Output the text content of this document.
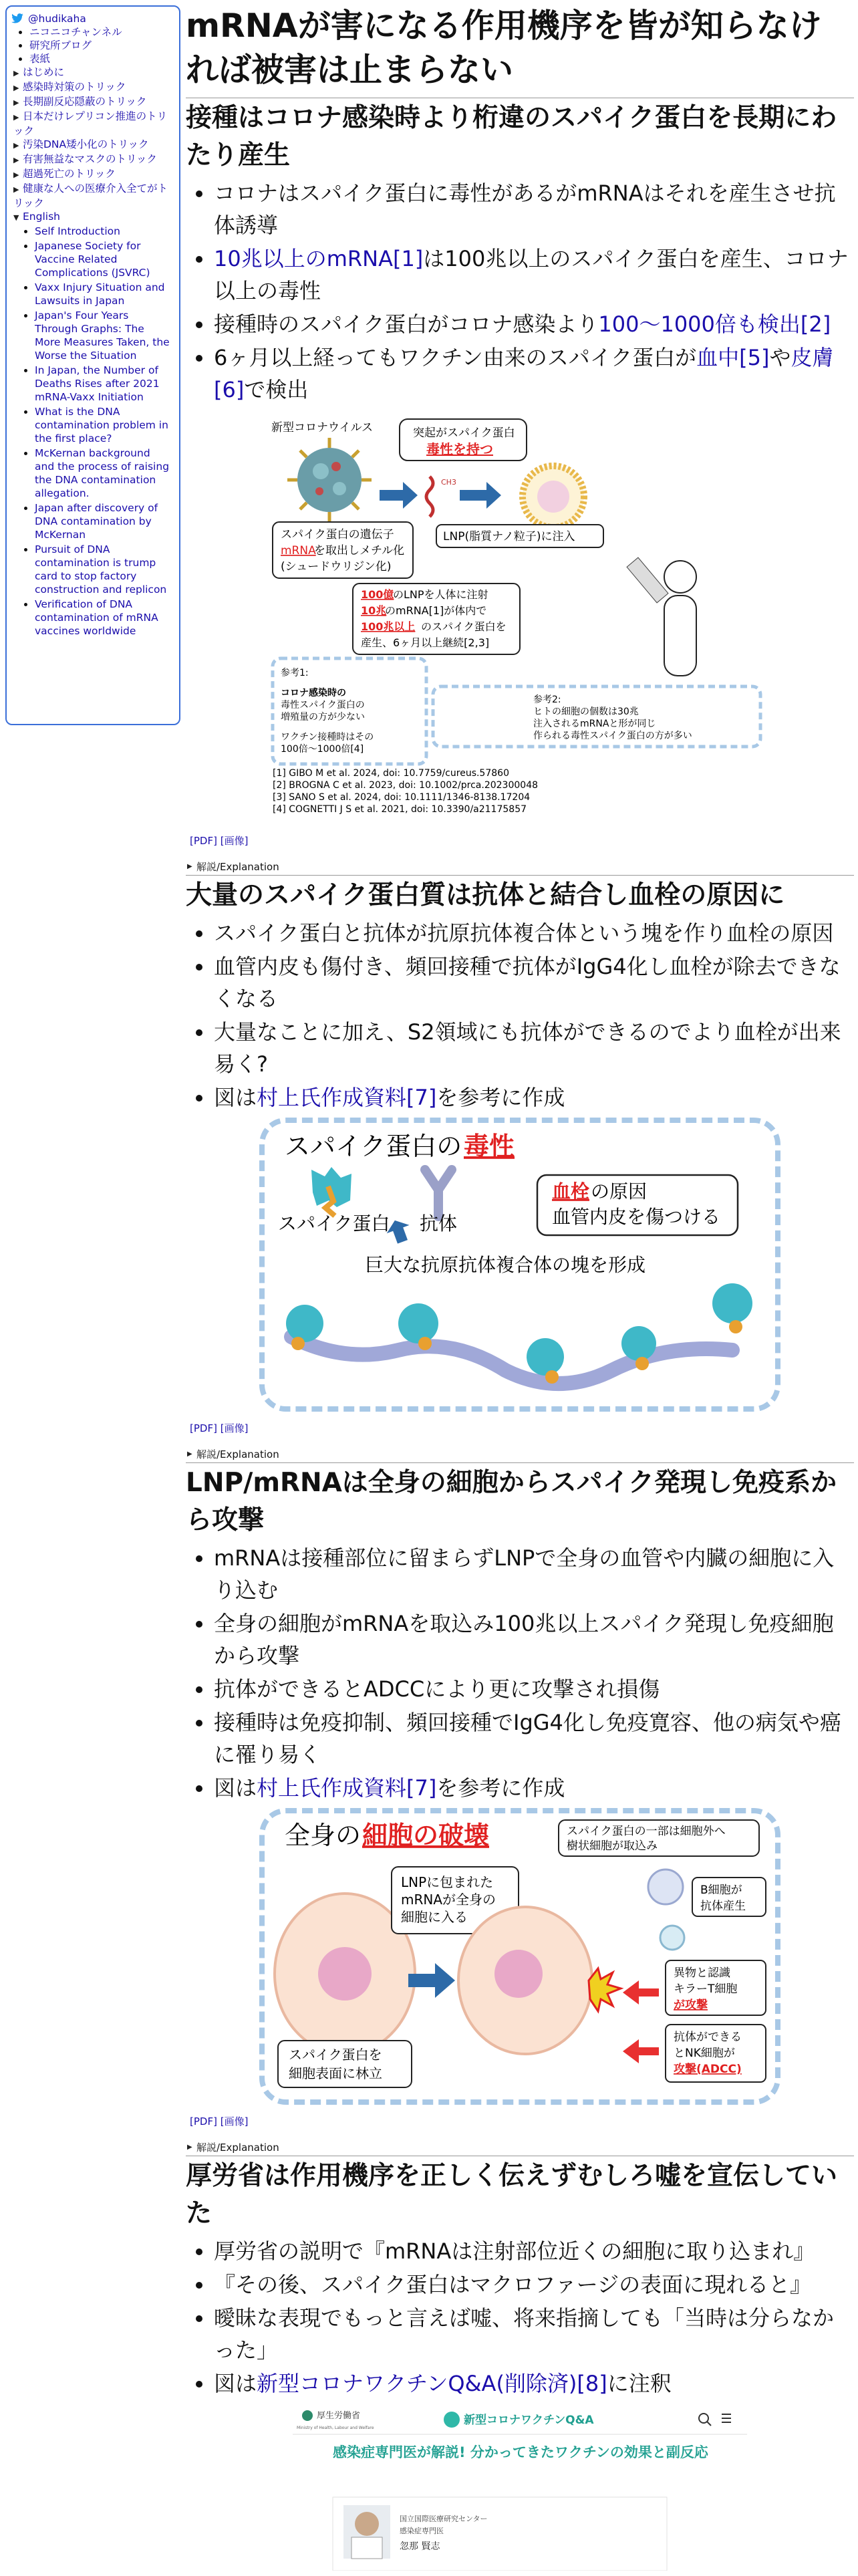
@hudikaha
• ニコニコチャンネル
• 研究所ブログ
• 表紙
▶ はじめに
▶ 感染時対策のトリック
▶ 長期副反応隠蔽のトリック
▶ 日本だけレプリコン推進のトリック
▶ 汚染DNA矮小化のトリック
▶ 有害無益なマスクのトリック
▶ 超過死亡のトリック
▶ 健康な人への医療介入全てがトリック
▼ English
• Self Introduction
• Japanese Society for Vaccine Related Complications (JSVRC)
• Vaxx Injury Situation and Lawsuits in Japan
• Japan's Four Years Through Graphs: The More Measures Taken, the Worse the Situation
• In Japan, the Number of Deaths Rises after 2021 mRNA-Vaxx Initiation
• What is the DNA contamination problem in the first place?
• McKernan background and the process of raising the DNA contamination allegation.
• Japan after discovery of DNA contamination by McKernan
• Pursuit of DNA contamination is trump card to stop factory construction and replicon
• Verification of DNA contamination of mRNA vaccines worldwide
mRNAが害になる作用機序を皆が知らなければ被害は止まらない
接種はコロナ感染時より桁違のスパイク蛋白を長期にわたり産生
• コロナはスパイク蛋白に毒性があるがmRNAはそれを産生させ抗体誘導
• 10兆以上のmRNA[1]は100兆以上のスパイク蛋白を産生、コロナ以上の毒性
• 接種時のスパイク蛋白がコロナ感染より100～1000倍も検出[2]
• 6ヶ月以上経ってもワクチン由来のスパイク蛋白が血中[5]や皮膚[6]で検出
新型コロナウイルス	突起がスパイク蛋白
毒性を持つ
CH3
スパイク蛋白の遺伝子
mRNA
を取出しメチル化
(シュードウリジン化)
LNP(脂質ナノ粒子)に注入
100億
のLNPを人体に注射
10兆
のmRNA[1]が体内で
100兆以上 のスパイク蛋白を
産生、6ヶ月以上継続[2,3]
参考1:
コロナ感染時の
毒性スパイク蛋白の
増殖量の方が少ない
ワクチン接種時はその
100倍〜1000倍[4]
参考2:
ヒトの細胞の個数は30兆
注入されるmRNAと形が同じ
作られる毒性スパイク蛋白の方が多い
[1] GIBO M et al. 2024, doi: 10.7759/cureus.57860
[2] BROGNA C et al. 2023, doi: 10.1002/prca.202300048
[3] SANO S et al. 2024, doi: 10.1111/1346-8138.17204
[4] COGNETTI J S et al. 2021, doi: 10.3390/a21175857
[PDF] [画像]
▶ 解説/Explanation
大量のスパイク蛋白質は抗体と結合し血栓の原因に
• スパイク蛋白と抗体が抗原抗体複合体という塊を作り血栓の原因
• 血管内皮も傷付き、頻回接種で抗体がIgG4化し血栓が除去できなくなる
• 大量なことに加え、S2領域にも抗体ができるのでより血栓が出来易く?
• 図は村上氏作成資料[7]を参考に作成
スパイク蛋白の 毒性
スパイク蛋白 抗体
血栓 の原因
血管内皮を傷つける
巨大な抗原抗体複合体の塊を形成
[PDF] [画像]
▶ 解説/Explanation
LNP/mRNAは全身の細胞からスパイク発現し免疫系から攻撃
• mRNAは接種部位に留まらずLNPで全身の血管や内臓の細胞に入り込む
• 全身の細胞がmRNAを取込み100兆以上スパイク発現し免疫細胞から攻撃
• 抗体ができるとADCCにより更に攻撃され損傷
• 接種時は免疫抑制、頻回接種でIgG4化し免疫寛容、他の病気や癌に罹り易く
• 図は村上氏作成資料[7]を参考に作成
全身の 細胞の破壊	スパイク蛋白の一部は細胞外へ
樹状細胞が取込み
LNPに包まれた
mRNAが全身の
細胞に入る
B細胞が
抗体産生
異物と認識
キラーT細胞
が攻撃
抗体ができる
とNK細胞が
攻撃(ADCC)
スパイク蛋白を
細胞表面に林立
[PDF] [画像]
▶ 解説/Explanation
厚労省は作用機序を正しく伝えずむしろ嘘を宣伝していた
• 厚労省の説明で『mRNAは注射部位近くの細胞に取り込まれ』
• 『その後、スパイク蛋白はマクロファージの表面に現れると』
• 曖昧な表現でもっと言えば嘘、将来指摘しても「当時は分らなかった」
• 図は新型コロナワクチンQ&A(削除済)[8]に注釈
厚生労働省
Ministry of Health, Labour and Welfare
新型コロナワクチンQ&A
感染症専門医が解説! 分かってきたワクチンの効果と副反応
国立国際医療研究センター
感染症専門医
忽那 賢志
